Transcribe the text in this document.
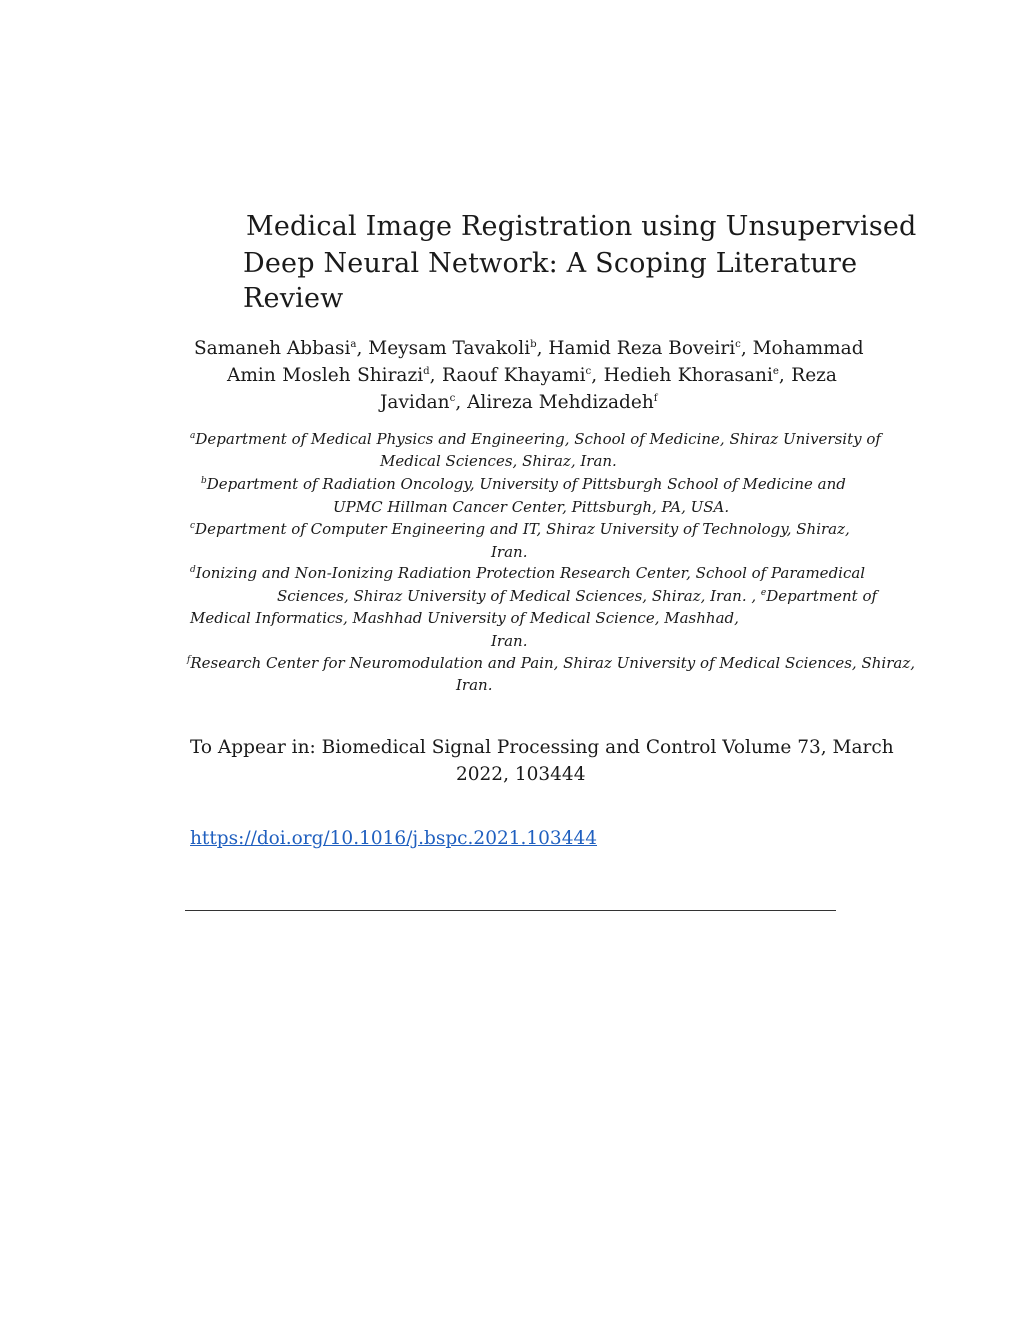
Medical Image Registration using Unsupervised
Deep Neural Network: A Scoping Literature
Review
Samaneh Abbasi$^a$, Meysam Tavakoli$^b$, Hamid Reza Boveiri$^c$, Mohammad
Amin Mosleh Shirazi$^d$, Raouf Khayami$^c$, Hedieh Khorasani$^e$, Reza
Javidan$^c$, Alireza Mehdizadeh$^f$
$^a$Department of Medical Physics and Engineering, School of Medicine, Shiraz University of
Medical Sciences, Shiraz, Iran.
$^b$Department of Radiation Oncology, University of Pittsburgh School of Medicine and
UPMC Hillman Cancer Center, Pittsburgh, PA, USA.
$^c$Department of Computer Engineering and IT, Shiraz University of Technology, Shiraz,
Iran.
$^d$Ionizing and Non-Ionizing Radiation Protection Research Center, School of Paramedical
Sciences, Shiraz University of Medical Sciences, Shiraz, Iran. , $^e$Department of
Medical Informatics, Mashhad University of Medical Science, Mashhad,
Iran.
$^f$Research Center for Neuromodulation and Pain, Shiraz University of Medical Sciences, Shiraz,
Iran.
To Appear in: Biomedical Signal Processing and Control Volume 73, March
2022, 103444
https://doi.org/10.1016/j.bspc.2021.103444
